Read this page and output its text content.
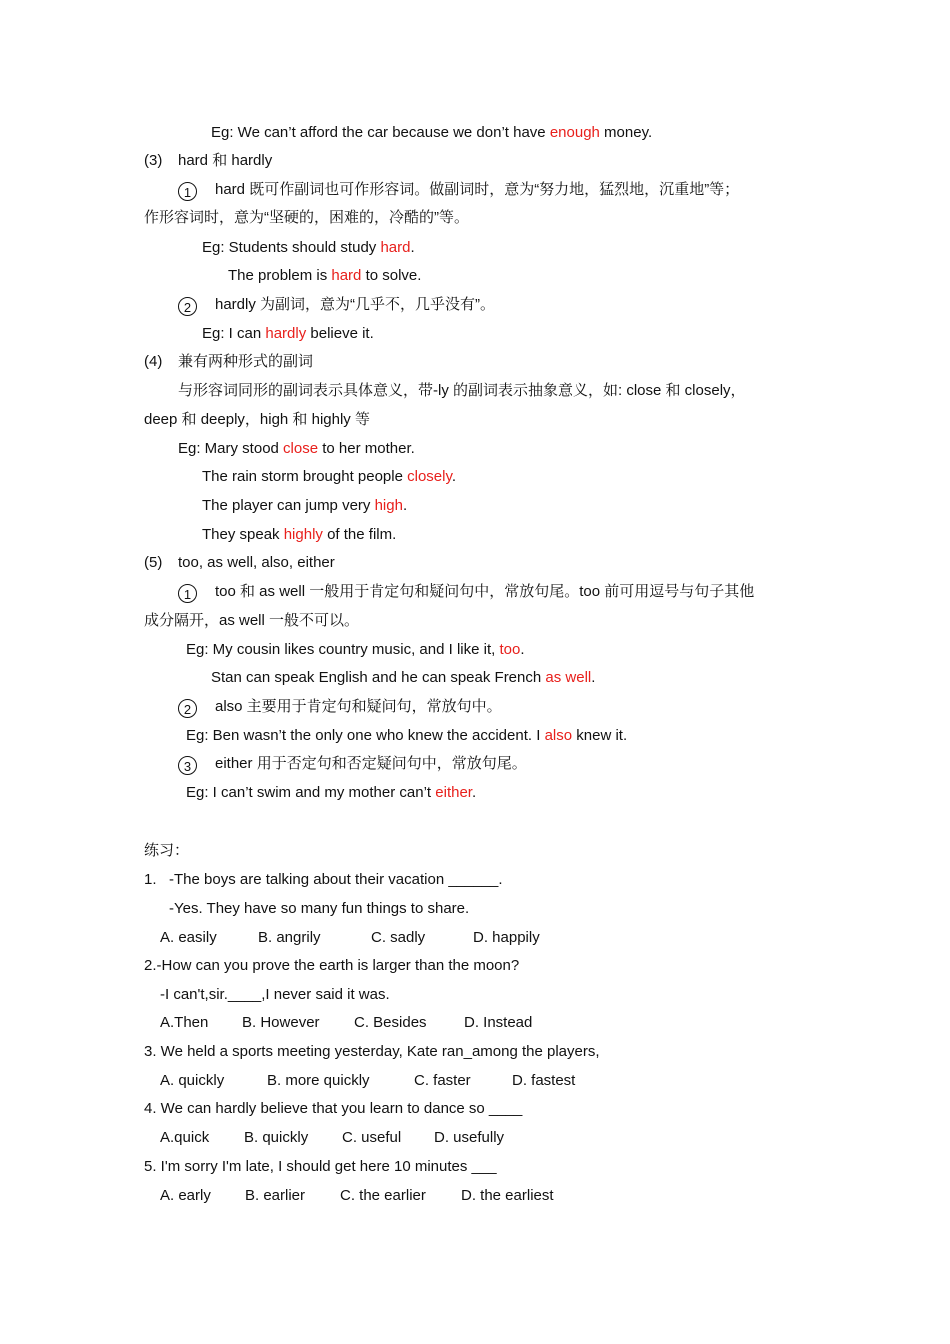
Eg: We can’t afford the car because we don’t have enough money.
(3) hard 和 hardly
1 hard 既可作副词也可作形容词。做副词时，意为“努力地，猛烈地，沉重地”等；
作形容词时，意为“坚硬的，困难的，冷酷的”等。
Eg: Students should study hard.
The problem is hard to solve.
2 hardly 为副词，意为“几乎不，几乎没有”。
Eg: I can hardly believe it.
(4) 兼有两种形式的副词
与形容词同形的副词表示具体意义，带-ly 的副词表示抽象意义，如: close 和 closely，
deep 和 deeply，high 和 highly 等
Eg: Mary stood close to her mother.
The rain storm brought people closely.
The player can jump very high.
They speak highly of the film.
(5) too, as well, also, either
1 too 和 as well 一般用于肯定句和疑问句中，常放句尾。too 前可用逗号与句子其他
成分隔开，as well 一般不可以。
Eg: My cousin likes country music, and I like it, too.
Stan can speak English and he can speak French as well.
2 also 主要用于肯定句和疑问句，常放句中。
Eg: Ben wasn’t the only one who knew the accident. I also knew it.
3 either 用于否定句和否定疑问句中，常放句尾。
Eg: I can’t swim and my mother can’t either.
练习：
1. -The boys are talking about their vacation ______.
-Yes. They have so many fun things to share.
A. easily	B. angrily	C. sadly	D. happily
2.-How can you prove the earth is larger than the moon?
-I can't,sir.____,I never said it was.
A.Then B. However C. Besides D. Instead
3. We held a sports meeting yesterday, Kate ran_among the players,
A. quickly	B. more quickly	C. faster	D. fastest
4. We can hardly believe that you learn to dance so ____
A.quick B. quickly C. useful D. usefully
5. I'm sorry I'm late, I should get here 10 minutes ___
A. early B. earlier C. the earlier D. the earliest
